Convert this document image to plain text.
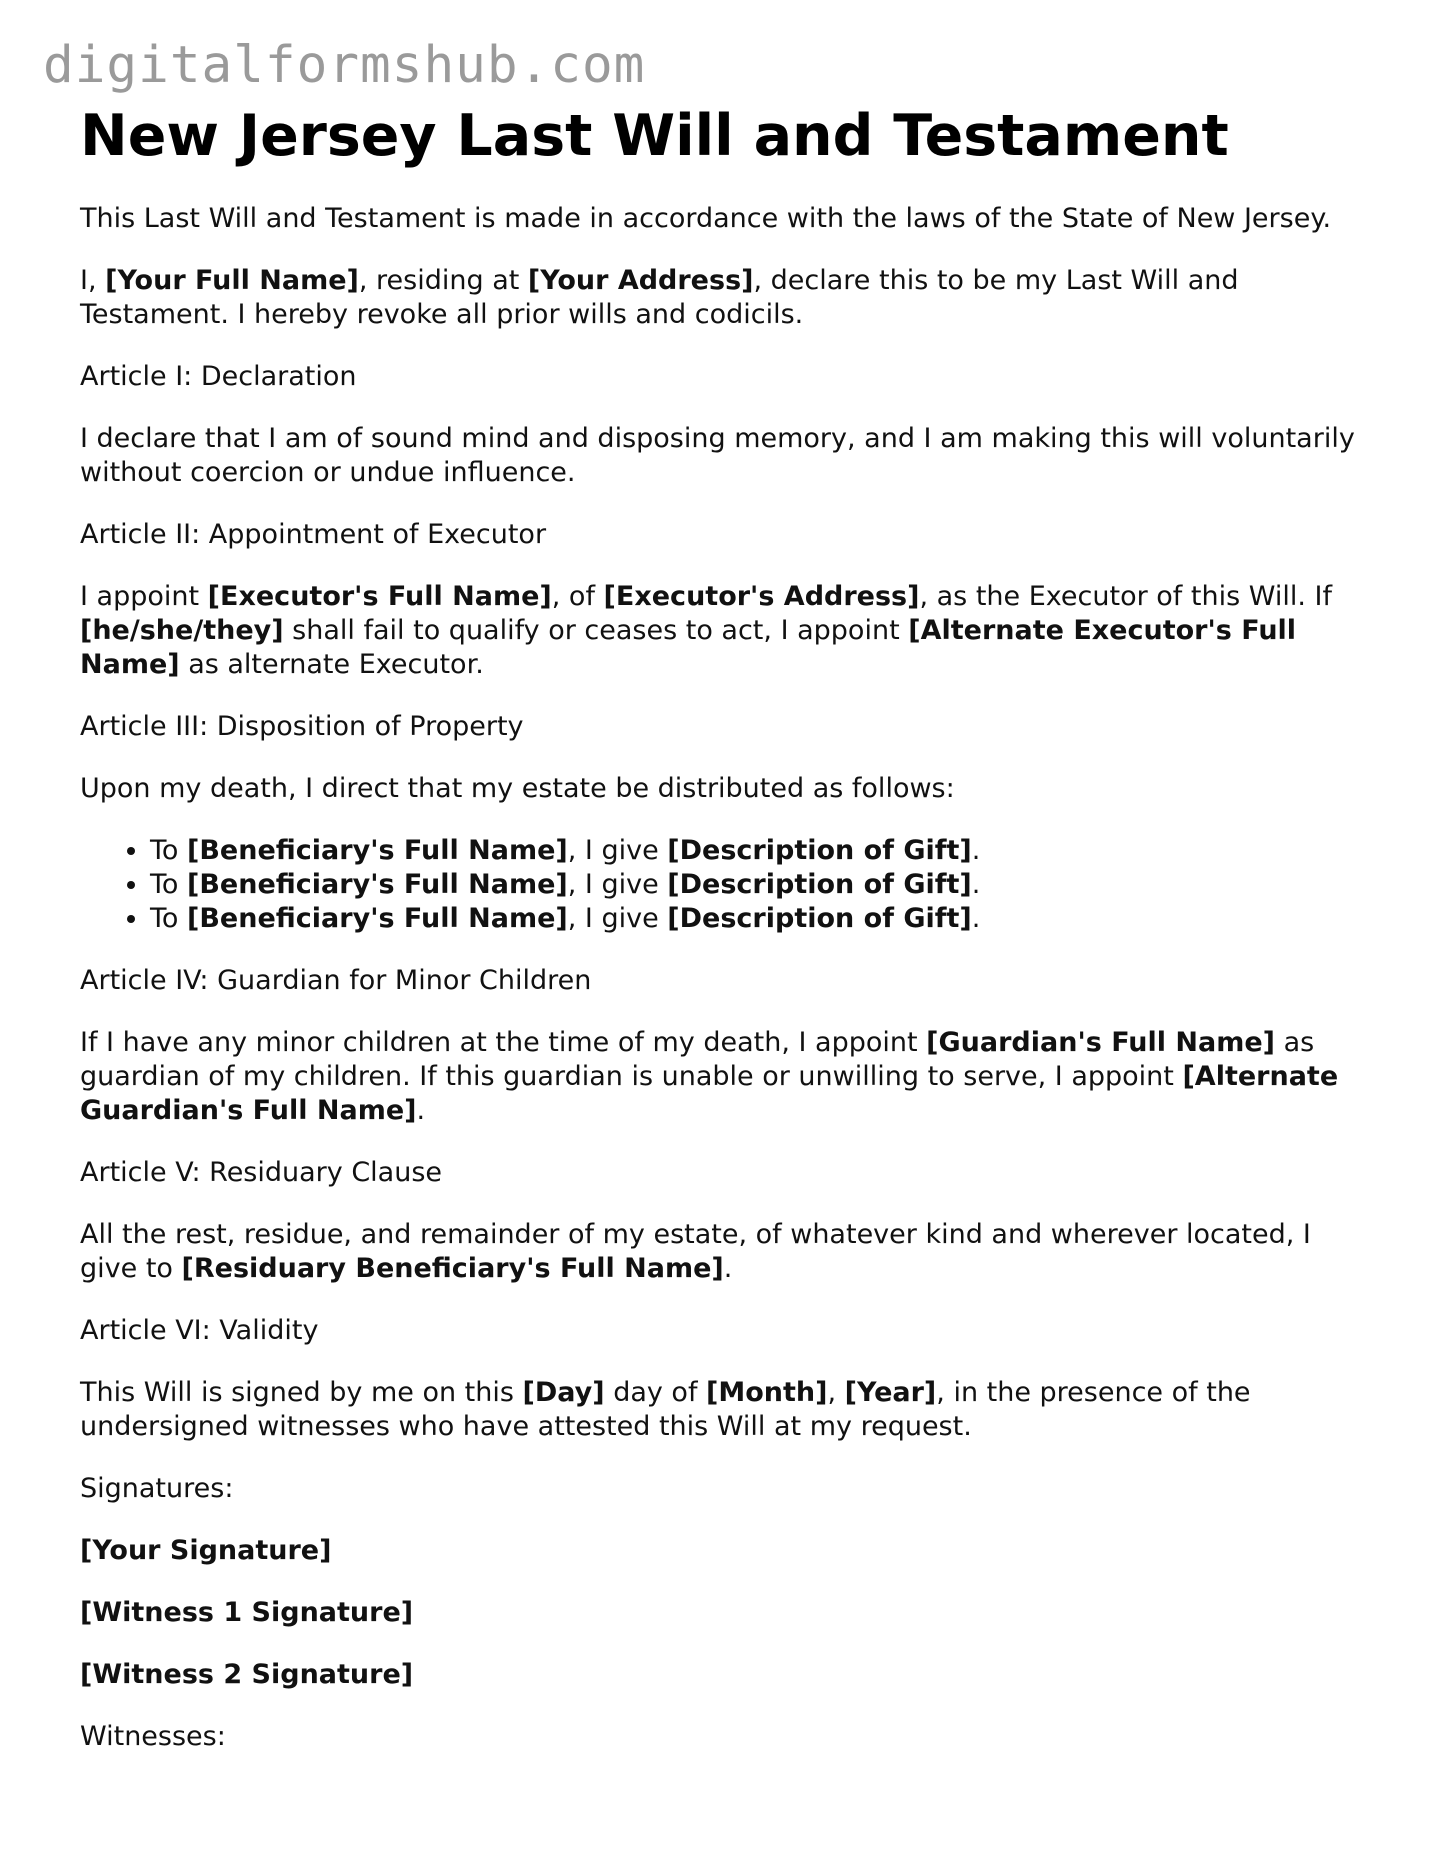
digitalformshub.com
New Jersey Last Will and Testament

This Last Will and Testament is made in accordance with the laws of the State of New Jersey.

I, [Your Full Name], residing at [Your Address], declare this to be my Last Will and Testament. I hereby revoke all prior wills and codicils.

Article I: Declaration

I declare that I am of sound mind and disposing memory, and I am making this will voluntarily without coercion or undue influence.

Article II: Appointment of Executor

I appoint [Executor's Full Name], of [Executor's Address], as the Executor of this Will. If [he/she/they] shall fail to qualify or ceases to act, I appoint [Alternate Executor's Full Name] as alternate Executor.

Article III: Disposition of Property

Upon my death, I direct that my estate be distributed as follows:

• To [Beneficiary's Full Name], I give [Description of Gift].
• To [Beneficiary's Full Name], I give [Description of Gift].
• To [Beneficiary's Full Name], I give [Description of Gift].

Article IV: Guardian for Minor Children

If I have any minor children at the time of my death, I appoint [Guardian's Full Name] as guardian of my children. If this guardian is unable or unwilling to serve, I appoint [Alternate Guardian's Full Name].

Article V: Residuary Clause

All the rest, residue, and remainder of my estate, of whatever kind and wherever located, I give to [Residuary Beneficiary's Full Name].

Article VI: Validity

This Will is signed by me on this [Day] day of [Month], [Year], in the presence of the undersigned witnesses who have attested this Will at my request.

Signatures:

[Your Signature]

[Witness 1 Signature]

[Witness 2 Signature]

Witnesses:
